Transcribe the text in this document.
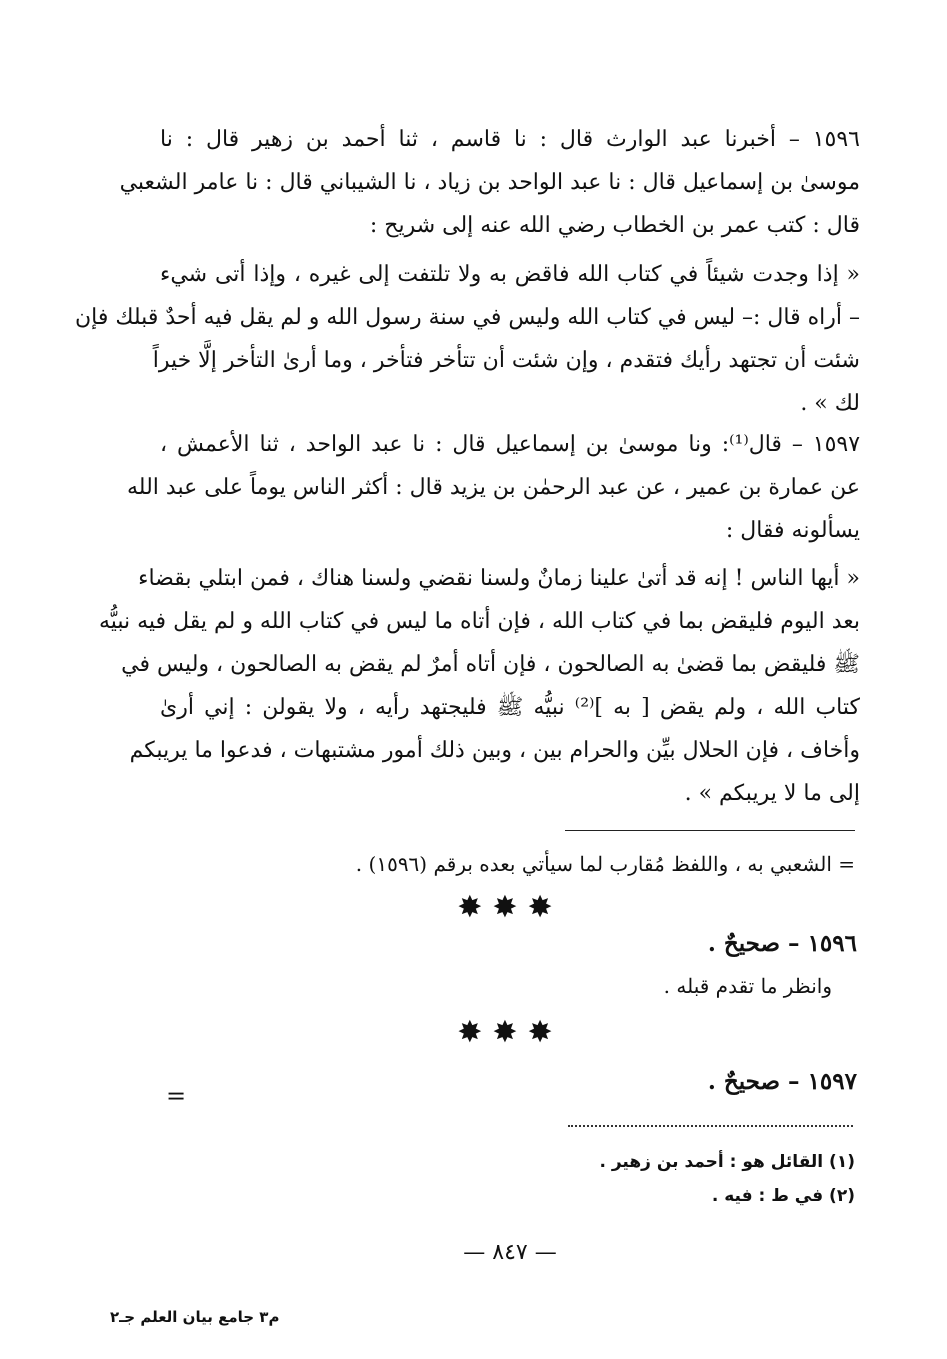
١٥٩٦ – أخبرنا عبد الوارث قال : نا قاسم ، ثنا أحمد بن زهير قال : نا
موسىٰ بن إسماعيل قال : نا عبد الواحد بن زياد ، نا الشيباني قال : نا عامر الشعبي
قال : كتب عمر بن الخطاب رضي الله عنه إلى شريح :
« إذا وجدت شيئاً في كتاب الله فاقض به ولا تلتفت إلى غيره ، وإذا أتى شيء
– أراه قال :– ليس في كتاب الله وليس في سنة رسول الله و لم يقل فيه أحدٌ قبلك فإن
شئت أن تجتهد رأيك فتقدم ، وإن شئت أن تتأخر فتأخر ، وما أرىٰ التأخر إلَّا خيراً
لك » .
١٥٩٧ – قال⁽¹⁾: ونا موسىٰ بن إسماعيل قال : نا عبد الواحد ، ثنا الأعمش ،
عن عمارة بن عمير ، عن عبد الرحمٰن بن يزيد قال : أكثر الناس يوماً على عبد الله
يسألونه فقال :
« أيها الناس ! إنه قد أتىٰ علينا زمانٌ ولسنا نقضي ولسنا هناك ، فمن ابتلي بقضاء
بعد اليوم فليقض بما في كتاب الله ، فإن أتاه ما ليس في كتاب الله و لم يقل فيه نبيُّه
ﷺ فليقض بما قضىٰ به الصالحون ، فإن أتاه أمرٌ لم يقض به الصالحون ، وليس في
كتاب الله ، ولم يقض [ به ]⁽²⁾ نبيُّه ﷺ فليجتهد رأيه ، ولا يقولن : إني أرىٰ
وأخاف ، فإن الحلال بيِّن والحرام بين ، وبين ذلك أمور مشتبهات ، فدعوا ما يريبكم
إلى ما لا يريبكم » .
= الشعبي به ، واللفظ مُقارب لما سيأتي بعده برقم (١٥٩٦) .
✸✸✸
١٥٩٦ – صحيحٌ .
وانظر ما تقدم قبله .
✸✸✸
١٥٩٧ – صحيحٌ .
=
(١) القائل هو : أحمد بن زهير .
(٢) في ط : فيه .
— ٨٤٧ —
م٣ جامع بيان العلم جـ٢
